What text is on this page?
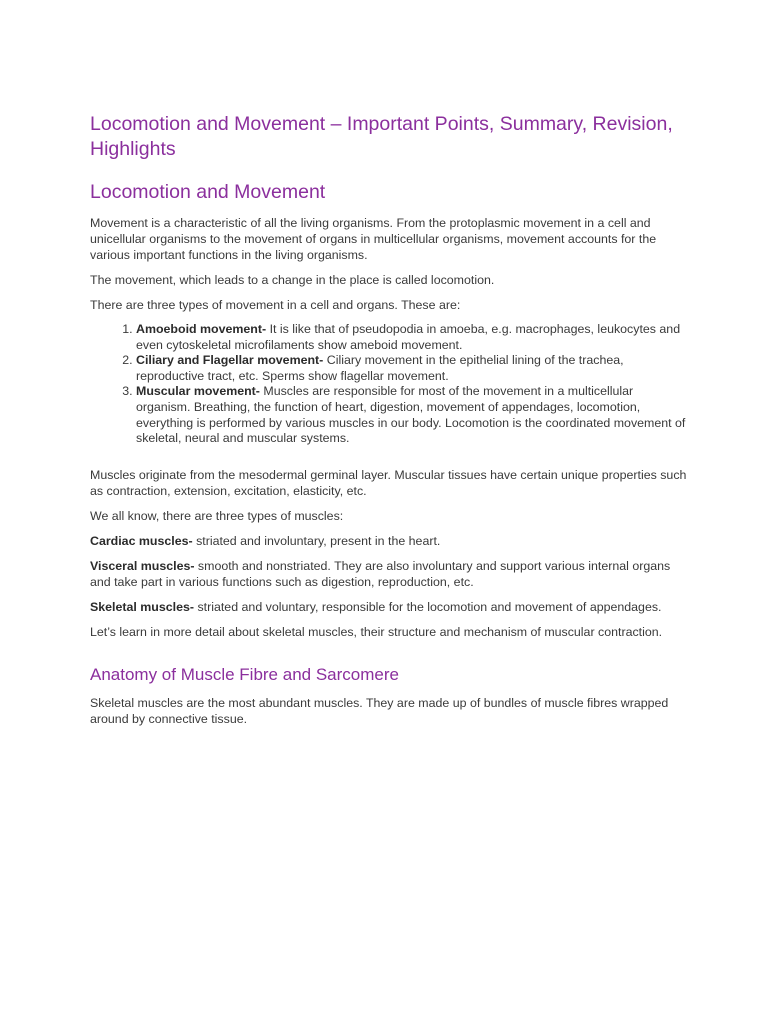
Locomotion and Movement – Important Points, Summary, Revision, Highlights
Locomotion and Movement

Movement is a characteristic of all the living organisms. From the protoplasmic movement in a cell and unicellular organisms to the movement of organs in multicellular organisms, movement accounts for the various important functions in the living organisms.

The movement, which leads to a change in the place is called locomotion.

There are three types of movement in a cell and organs. These are:

1. Amoeboid movement- It is like that of pseudopodia in amoeba, e.g. macrophages, leukocytes and even cytoskeletal microfilaments show ameboid movement.
2. Ciliary and Flagellar movement- Ciliary movement in the epithelial lining of the trachea, reproductive tract, etc. Sperms show flagellar movement.
3. Muscular movement- Muscles are responsible for most of the movement in a multicellular organism. Breathing, the function of heart, digestion, movement of appendages, locomotion, everything is performed by various muscles in our body. Locomotion is the coordinated movement of skeletal, neural and muscular systems.

Muscles originate from the mesodermal germinal layer. Muscular tissues have certain unique properties such as contraction, extension, excitation, elasticity, etc.

We all know, there are three types of muscles:

Cardiac muscles- striated and involuntary, present in the heart.

Visceral muscles- smooth and nonstriated. They are also involuntary and support various internal organs and take part in various functions such as digestion, reproduction, etc.

Skeletal muscles- striated and voluntary, responsible for the locomotion and movement of appendages.

Let’s learn in more detail about skeletal muscles, their structure and mechanism of muscular contraction.

Anatomy of Muscle Fibre and Sarcomere

Skeletal muscles are the most abundant muscles. They are made up of bundles of muscle fibres wrapped around by connective tissue.
